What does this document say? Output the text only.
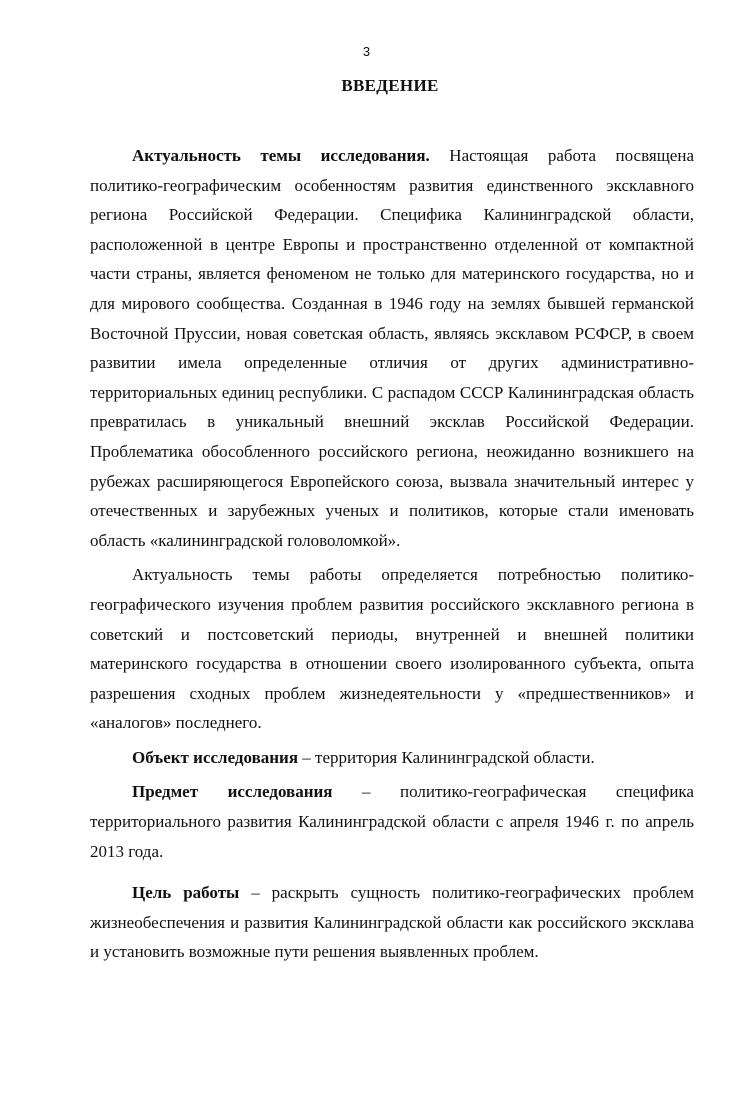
3
ВВЕДЕНИЕ

Актуальность темы исследования. Настоящая работа посвящена политико-географическим особенностям развития единственного эксклавного региона Российской Федерации. Специфика Калининградской области, расположенной в центре Европы и пространственно отделенной от компактной части страны, является феноменом не только для материнского государства, но и для мирового сообщества. Созданная в 1946 году на землях бывшей германской Восточной Пруссии, новая советская область, являясь эксклавом РСФСР, в своем развитии имела определенные отличия от других административно-территориальных единиц республики. С распадом СССР Калининградская область превратилась в уникальный внешний эксклав Российской Федерации. Проблематика обособленного российского региона, неожиданно возникшего на рубежах расширяющегося Европейского союза, вызвала значительный интерес у отечественных и зарубежных ученых и политиков, которые стали именовать область «калининградской головоломкой».

Актуальность темы работы определяется потребностью политико-географического изучения проблем развития российского эксклавного региона в советский и постсоветский периоды, внутренней и внешней политики материнского государства в отношении своего изолированного субъекта, опыта разрешения сходных проблем жизнедеятельности у «предшественников» и «аналогов» последнего.

Объект исследования – территория Калининградской области.

Предмет исследования – политико-географическая специфика территориального развития Калининградской области с апреля 1946 г. по апрель 2013 года.

Цель работы – раскрыть сущность политико-географических проблем жизнеобеспечения и развития Калининградской области как российского эксклава и установить возможные пути решения выявленных проблем.
